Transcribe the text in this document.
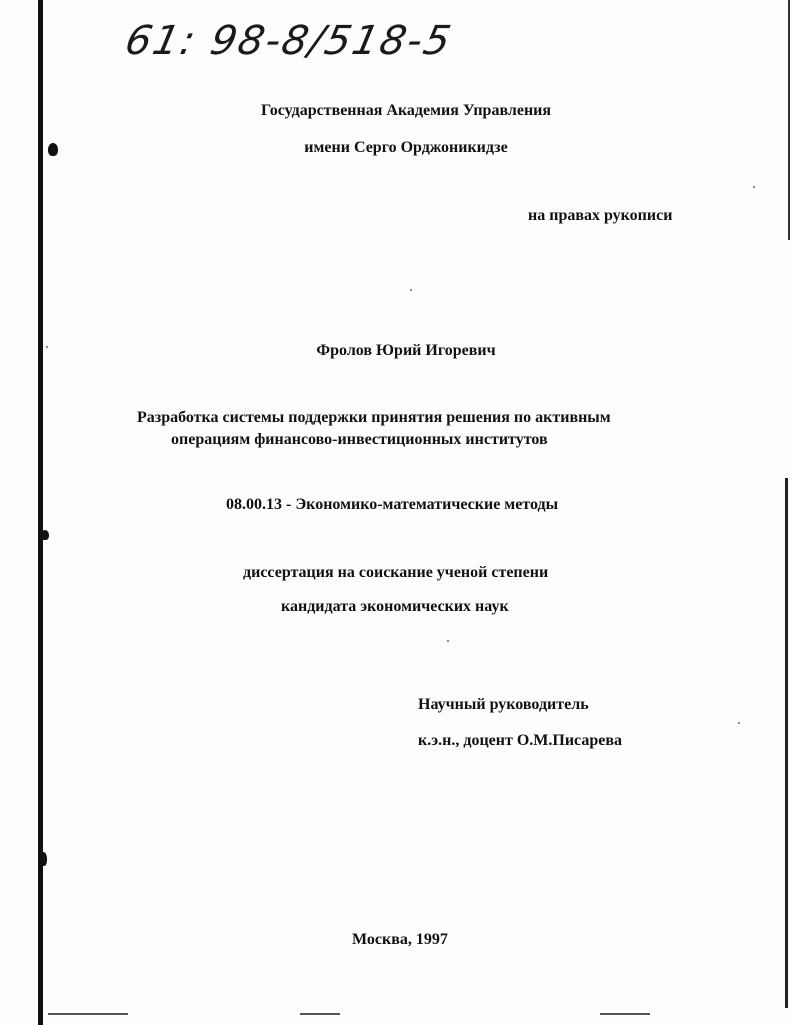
61: 98-8/518-5
Государственная Академия Управления
имени Серго Орджоникидзе
на правах рукописи
Фролов Юрий Игоревич
Разработка системы поддержки принятия решения по активным
операциям финансово-инвестиционных институтов
08.00.13 - Экономико-математические методы
диссертация на соискание ученой степени
кандидата экономических наук
Научный руководитель
к.э.н., доцент О.М.Писарева
Москва, 1997
